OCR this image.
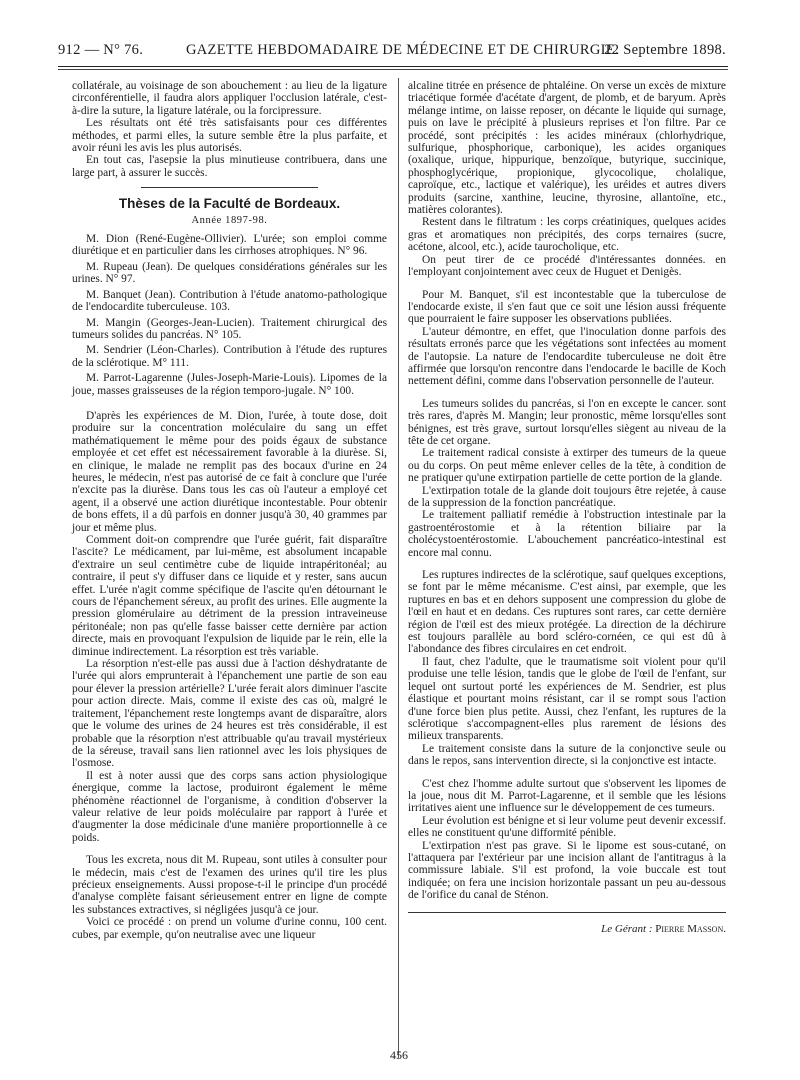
912 — N° 76.	GAZETTE HEBDOMADAIRE DE MÉDECINE ET DE CHIRURGIE.
22 Septembre 1898.

collatérale, au voisinage de son abouchement : au lieu de la ligature circonférentielle, il faudra alors appliquer l'occlusion latérale, c'est-à-dire la suture, la ligature latérale, ou la forcipressure.

Les résultats ont été très satisfaisants pour ces différentes méthodes, et parmi elles, la suture semble être la plus parfaite, et avoir réuni les avis les plus autorisés.

En tout cas, l'asepsie la plus minutieuse contribuera, dans une large part, à assurer le succès.

Thèses de la Faculté de Bordeaux.
Année 1897-98.

M. Dion (René-Eugène-Ollivier). L'urée; son emploi comme diurétique et en particulier dans les cirrhoses atrophiques. N° 96.

M. Rupeau (Jean). De quelques considérations générales sur les urines. N° 97.

M. Banquet (Jean). Contribution à l'étude anatomo-pathologique de l'endocardite tuberculeuse. 103.

M. Mangin (Georges-Jean-Lucien). Traitement chirurgical des tumeurs solides du pancréas. N° 105.

M. Sendrier (Léon-Charles). Contribution à l'étude des ruptures de la sclérotique. M° 111.

M. Parrot-Lagarenne (Jules-Joseph-Marie-Louis). Lipomes de la joue, masses graisseuses de la région temporo-jugale. N° 100.

D'après les expériences de M. Dion, l'urée, à toute dose, doit produire sur la concentration moléculaire du sang un effet mathématiquement le même pour des poids égaux de substance employée et cet effet est nécessairement favorable à la diurèse. Si, en clinique, le malade ne remplit pas des bocaux d'urine en 24 heures, le médecin, n'est pas autorisé de ce fait à conclure que l'urée n'excite pas la diurèse. Dans tous les cas où l'auteur a employé cet agent, il a observé une action diurétique incontestable. Pour obtenir de bons effets, il a dû parfois en donner jusqu'à 30, 40 grammes par jour et même plus.

Comment doit-on comprendre que l'urée guérit, fait disparaître l'ascite? Le médicament, par lui-même, est absolument incapable d'extraire un seul centimètre cube de liquide intrapéritonéal; au contraire, il peut s'y diffuser dans ce liquide et y rester, sans aucun effet. L'urée n'agit comme spécifique de l'ascite qu'en détournant le cours de l'épanchement séreux, au profit des urines. Elle augmente la pression glomérulaire au détriment de la pression intraveineuse péritonéale; non pas qu'elle fasse baisser cette dernière par action directe, mais en provoquant l'expulsion de liquide par le rein, elle la diminue indirectement. La résorption est très variable.

La résorption n'est-elle pas aussi due à l'action déshydratante de l'urée qui alors emprunterait à l'épanchement une partie de son eau pour élever la pression artérielle? L'urée ferait alors diminuer l'ascite pour action directe. Mais, comme il existe des cas où, malgré le traitement, l'épanchement reste longtemps avant de disparaître, alors que le volume des urines de 24 heures est très considérable, il est probable que la résorption n'est attribuable qu'au travail mystérieux de la séreuse, travail sans lien rationnel avec les lois physiques de l'osmose.

Il est à noter aussi que des corps sans action physiologique énergique, comme la lactose, produiront également le même phénomène réactionnel de l'organisme, à condition d'observer la valeur relative de leur poids moléculaire par rapport à l'urée et d'augmenter la dose médicinale d'une manière proportionnelle à ce poids.

Tous les excreta, nous dit M. Rupeau, sont utiles à consulter pour le médecin, mais c'est de l'examen des urines qu'il tire les plus précieux enseignements. Aussi propose-t-il le principe d'un procédé d'analyse complète faisant sérieusement entrer en ligne de compte les substances extractives, si négligées jusqu'à ce jour.

Voici ce procédé : on prend un volume d'urine connu, 100 cent. cubes, par exemple, qu'on neutralise avec une liqueur

alcaline titrée en présence de phtaléine. On verse un excès de mixture triacétique formée d'acétate d'argent, de plomb, et de baryum. Après mélange intime, on laisse reposer, on décante le liquide qui surnage, puis on lave le précipité à plusieurs reprises et l'on filtre. Par ce procédé, sont précipités : les acides minéraux (chlorhydrique, sulfurique, phosphorique, carbonique), les acides organiques (oxalique, urique, hippurique, benzoïque, butyrique, succinique, phosphoglycérique, propionique, glycocolique, cholalique, caproïque, etc., lactique et valérique), les uréides et autres divers produits (sarcine, xanthine, leucine, thyrosine, allantoïne, etc., matières colorantes).

Restent dans le filtratum : les corps créatiniques, quelques acides gras et aromatiques non précipités, des corps ternaires (sucre, acétone, alcool, etc.), acide taurocholique, etc.

On peut tirer de ce procédé d'intéressantes données. en l'employant conjointement avec ceux de Huguet et Denigès.

Pour M. Banquet, s'il est incontestable que la tuberculose de l'endocarde existe, il s'en faut que ce soit une lésion aussi fréquente que pourraient le faire supposer les observations publiées.

L'auteur démontre, en effet, que l'inoculation donne parfois des résultats erronés parce que les végétations sont infectées au moment de l'autopsie. La nature de l'endocardite tuberculeuse ne doit être affirmée que lorsqu'on rencontre dans l'endocarde le bacille de Koch nettement défini, comme dans l'observation personnelle de l'auteur.

Les tumeurs solides du pancréas, si l'on en excepte le cancer. sont très rares, d'après M. Mangin; leur pronostic, même lorsqu'elles sont bénignes, est très grave, surtout lorsqu'elles siègent au niveau de la tête de cet organe.

Le traitement radical consiste à extirper des tumeurs de la queue ou du corps. On peut même enlever celles de la tête, à condition de ne pratiquer qu'une extirpation partielle de cette portion de la glande.

L'extirpation totale de la glande doit toujours être rejetée, à cause de la suppression de la fonction pancréatique.

Le traitement palliatif remédie à l'obstruction intestinale par la gastroentérostomie et à la rétention biliaire par la cholécystoentérostomie. L'abouchement pancréatico-intestinal est encore mal connu.

Les ruptures indirectes de la sclérotique, sauf quelques exceptions, se font par le même mécanisme. C'est ainsi, par exemple, que les ruptures en bas et en dehors supposent une compression du globe de l'œil en haut et en dedans. Ces ruptures sont rares, car cette dernière région de l'œil est des mieux protégée. La direction de la déchirure est toujours parallèle au bord scléro-cornéen, ce qui est dû à l'abondance des fibres circulaires en cet endroit.

Il faut, chez l'adulte, que le traumatisme soit violent pour qu'il produise une telle lésion, tandis que le globe de l'œil de l'enfant, sur lequel ont surtout porté les expériences de M. Sendrier, est plus élastique et pourtant moins résistant, car il se rompt sous l'action d'une force bien plus petite. Aussi, chez l'enfant, les ruptures de la sclérotique s'accompagnent-elles plus rarement de lésions des milieux transparents.

Le traitement consiste dans la suture de la conjonctive seule ou dans le repos, sans intervention directe, si la conjonctive est intacte.

C'est chez l'homme adulte surtout que s'observent les lipomes de la joue, nous dit M. Parrot-Lagarenne, et il semble que les lésions irritatives aient une influence sur le développement de ces tumeurs.

Leur évolution est bénigne et si leur volume peut devenir excessif. elles ne constituent qu'une difformité pénible.

L'extirpation n'est pas grave. Si le lipome est sous-cutané, on l'attaquera par l'extérieur par une incision allant de l'antitragus à la commissure labiale. S'il est profond, la voie buccale est tout indiquée; on fera une incision horizontale passant un peu au-dessous de l'orifice du canal de Sténon.

Le Gérant : Pierre Masson.
456
